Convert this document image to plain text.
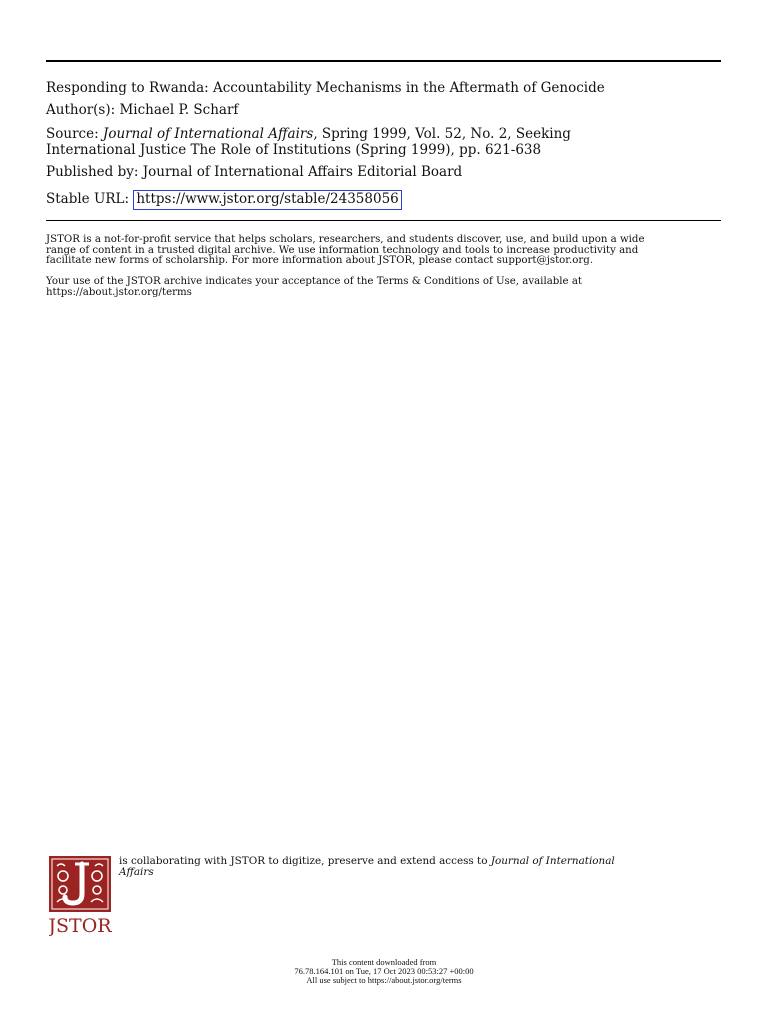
Responding to Rwanda: Accountability Mechanisms in the Aftermath of Genocide
Author(s): Michael P. Scharf
Source: Journal of International Affairs, Spring 1999, Vol. 52, No. 2, Seeking
International Justice The Role of Institutions (Spring 1999), pp. 621-638
Published by: Journal of International Affairs Editorial Board
Stable URL: https://www.jstor.org/stable/24358056
JSTOR is a not-for-profit service that helps scholars, researchers, and students discover, use, and build upon a wide
range of content in a trusted digital archive. We use information technology and tools to increase productivity and
facilitate new forms of scholarship. For more information about JSTOR, please contact support@jstor.org.
Your use of the JSTOR archive indicates your acceptance of the Terms & Conditions of Use, available at
https://about.jstor.org/terms
JSTOR
is collaborating with JSTOR to digitize, preserve and extend access to Journal of International
Affairs
This content downloaded from
76.78.164.101 on Tue, 17 Oct 2023 00:53:27 +00:00
All use subject to https://about.jstor.org/terms
